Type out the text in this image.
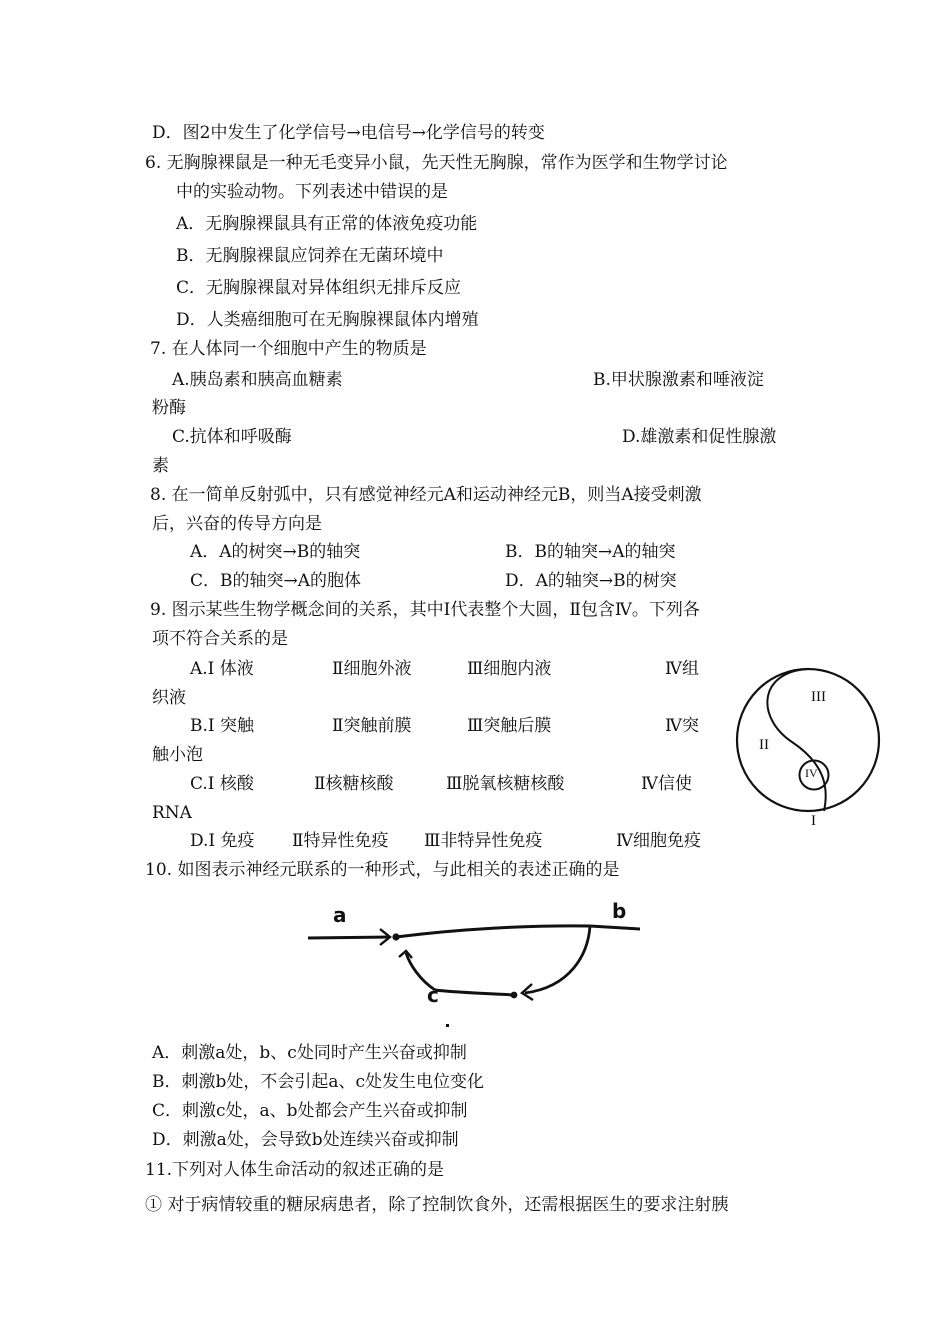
D．图2中发生了化学信号→电信号→化学信号的转变
6. 无胸腺裸鼠是一种无毛变异小鼠，先天性无胸腺，常作为医学和生物学讨论
中的实验动物。下列表述中错误的是
A．无胸腺裸鼠具有正常的体液免疫功能
B．无胸腺裸鼠应饲养在无菌环境中
C．无胸腺裸鼠对异体组织无排斥反应
D．人类癌细胞可在无胸腺裸鼠体内增殖
7. 在人体同一个细胞中产生的物质是
A.胰岛素和胰高血糖素	B.甲状腺激素和唾液淀
粉酶
C.抗体和呼吸酶	D.雄激素和促性腺激
素
8. 在一简单反射弧中，只有感觉神经元A和运动神经元B，则当A接受刺激
后，兴奋的传导方向是
A．A的树突→B的轴突	B．B的轴突→A的轴突
C．B的轴突→A的胞体	D．A的轴突→B的树突
9. 图示某些生物学概念间的关系，其中Ⅰ代表整个大圆，Ⅱ包含Ⅳ。下列各
项不符合关系的是
A.Ⅰ 体液	Ⅱ细胞外液	Ⅲ细胞内液	Ⅳ组
织液
B.Ⅰ 突触	Ⅱ突触前膜	Ⅲ突触后膜	Ⅳ突
触小泡
C.Ⅰ 核酸	Ⅱ核糖核酸	Ⅲ脱氧核糖核酸	Ⅳ信使
RNA
D.Ⅰ 免疫 Ⅱ特异性免疫 Ⅲ非特异性免疫	Ⅳ细胞免疫
III
II
IV
I
10. 如图表示神经元联系的一种形式，与此相关的表述正确的是
a	b
c
A．刺激a处，b、c处同时产生兴奋或抑制
B．刺激b处，不会引起a、c处发生电位变化
C．刺激c处，a、b处都会产生兴奋或抑制
D．刺激a处，会导致b处连续兴奋或抑制
11.下列对人体生命活动的叙述正确的是
① 对于病情较重的糖尿病患者，除了控制饮食外，还需根据医生的要求注射胰
